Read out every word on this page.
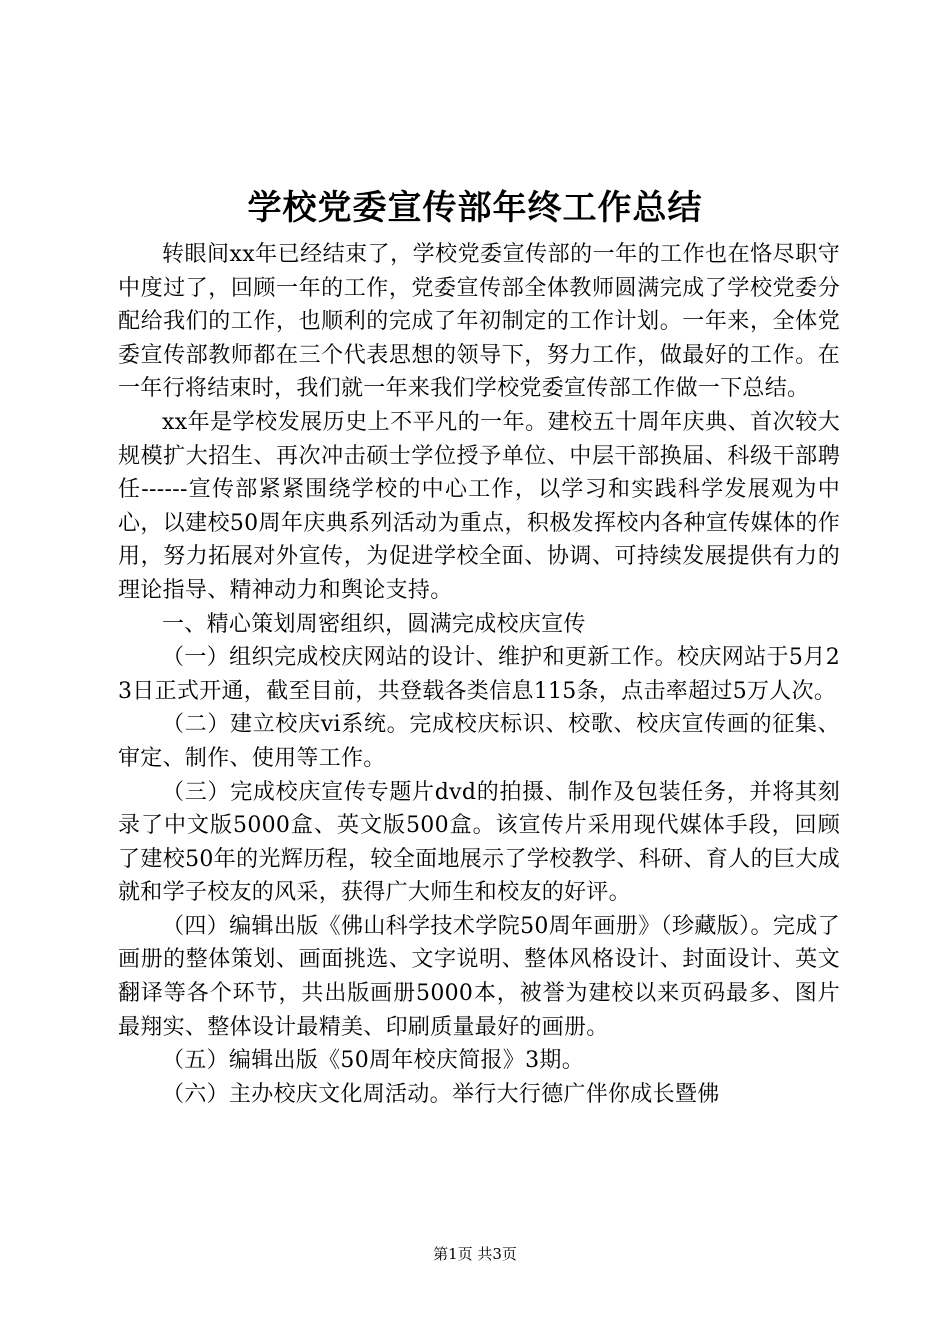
学校党委宣传部年终工作总结

转眼间xx年已经结束了，学校党委宣传部的一年的工作也在恪尽职守中度过了，回顾一年的工作，党委宣传部全体教师圆满完成了学校党委分配给我们的工作，也顺利的完成了年初制定的工作计划。一年来，全体党委宣传部教师都在三个代表思想的领导下，努力工作，做最好的工作。在一年行将结束时，我们就一年来我们学校党委宣传部工作做一下总结。

xx年是学校发展历史上不平凡的一年。建校五十周年庆典、首次较大规模扩大招生、再次冲击硕士学位授予单位、中层干部换届、科级干部聘任------宣传部紧紧围绕学校的中心工作，以学习和实践科学发展观为中心，以建校50周年庆典系列活动为重点，积极发挥校内各种宣传媒体的作用，努力拓展对外宣传，为促进学校全面、协调、可持续发展提供有力的理论指导、精神动力和舆论支持。

一、精心策划周密组织，圆满完成校庆宣传

（一）组织完成校庆网站的设计、维护和更新工作。校庆网站于5月23日正式开通，截至目前，共登载各类信息115条，点击率超过5万人次。

（二）建立校庆vi系统。完成校庆标识、校歌、校庆宣传画的征集、审定、制作、使用等工作。

（三）完成校庆宣传专题片dvd的拍摄、制作及包装任务，并将其刻录了中文版5000盒、英文版500盒。该宣传片采用现代媒体手段，回顾了建校50年的光辉历程，较全面地展示了学校教学、科研、育人的巨大成就和学子校友的风采，获得广大师生和校友的好评。

（四）编辑出版《佛山科学技术学院50周年画册》（珍藏版）。完成了画册的整体策划、画面挑选、文字说明、整体风格设计、封面设计、英文翻译等各个环节，共出版画册5000本，被誉为建校以来页码最多、图片最翔实、整体设计最精美、印刷质量最好的画册。

（五）编辑出版《50周年校庆简报》3期。

（六）主办校庆文化周活动。举行大行德广伴你成长暨佛

第1页 共3页
